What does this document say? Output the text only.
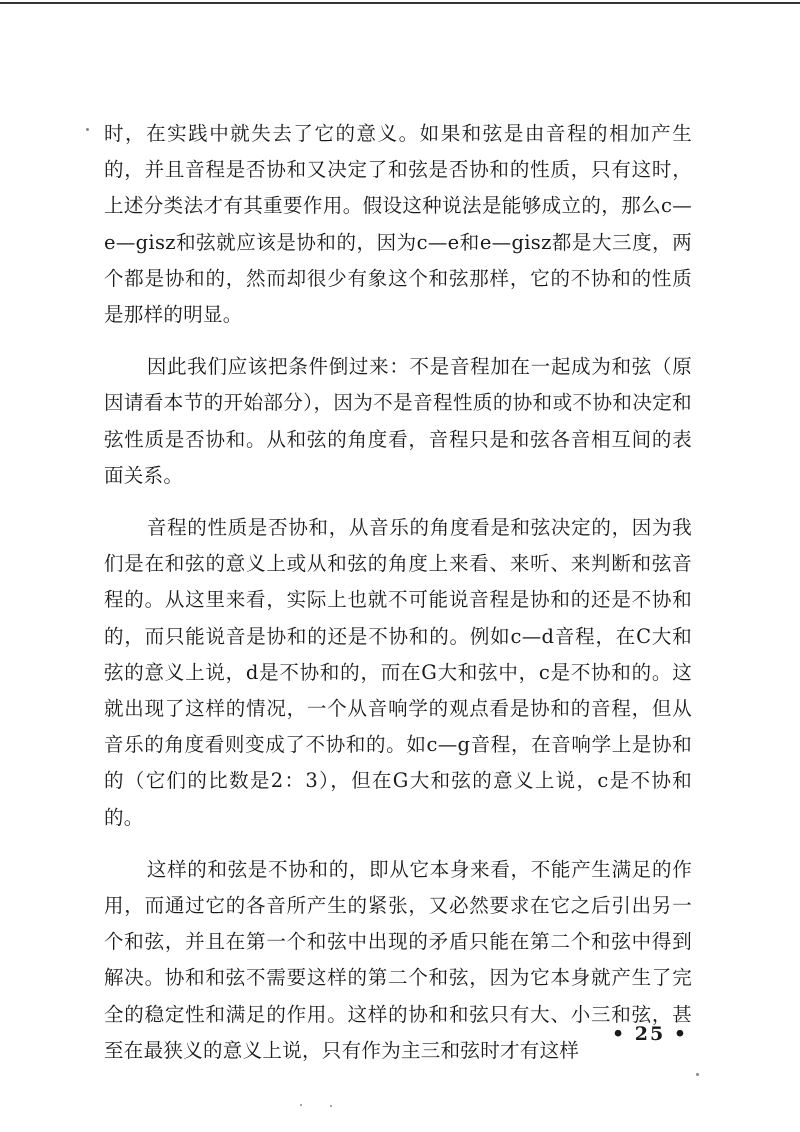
时，在实践中就失去了它的意义。如果和弦是由音程的相加产生的，并且音程是否协和又决定了和弦是否协和的性质，只有这时，上述分类法才有其重要作用。假设这种说法是能够成立的，那么c—e—gisz和弦就应该是协和的，因为c—e和e—gisz都是大三度，两个都是协和的，然而却很少有象这个和弦那样，它的不协和的性质是那样的明显。

因此我们应该把条件倒过来：不是音程加在一起成为和弦（原因请看本节的开始部分），因为不是音程性质的协和或不协和决定和弦性质是否协和。从和弦的角度看，音程只是和弦各音相互间的表面关系。

音程的性质是否协和，从音乐的角度看是和弦决定的，因为我们是在和弦的意义上或从和弦的角度上来看、来听、来判断和弦音程的。从这里来看，实际上也就不可能说音程是协和的还是不协和的，而只能说音是协和的还是不协和的。例如c—d音程，在C大和弦的意义上说，d是不协和的，而在G大和弦中，c是不协和的。这就出现了这样的情况，一个从音响学的观点看是协和的音程，但从音乐的角度看则变成了不协和的。如c—g音程，在音响学上是协和的（它们的比数是2：3），但在G大和弦的意义上说，c是不协和的。

这样的和弦是不协和的，即从它本身来看，不能产生满足的作用，而通过它的各音所产生的紧张，又必然要求在它之后引出另一个和弦，并且在第一个和弦中出现的矛盾只能在第二个和弦中得到解决。协和和弦不需要这样的第二个和弦，因为它本身就产生了完全的稳定性和满足的作用。这样的协和和弦只有大、小三和弦，甚至在最狭义的意义上说，只有作为主三和弦时才有这样

• 25 •
